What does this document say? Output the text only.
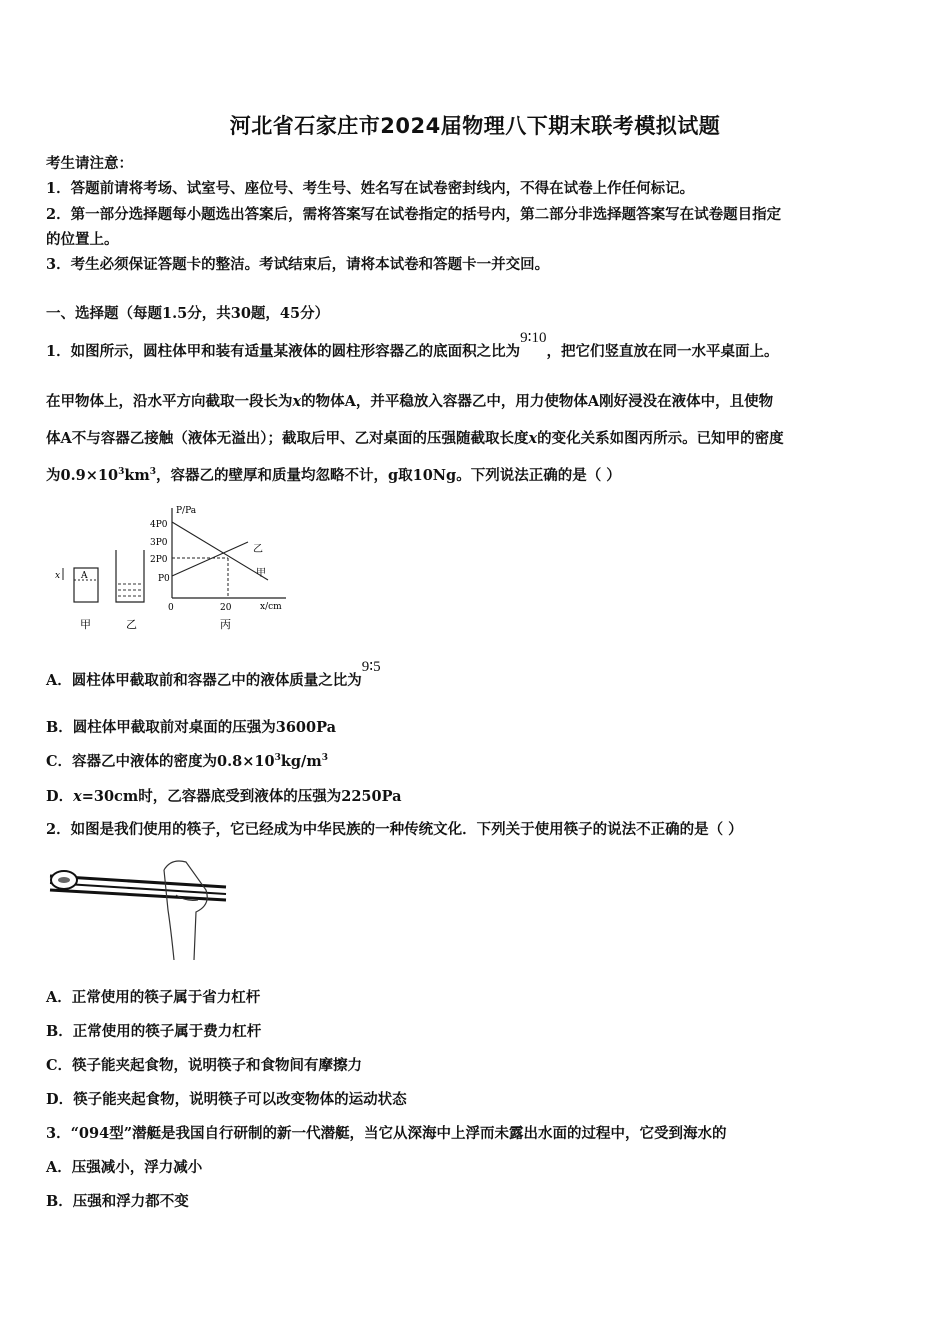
河北省石家庄市2024届物理八下期末联考模拟试题
考生请注意：
1．答题前请将考场、试室号、座位号、考生号、姓名写在试卷密封线内，不得在试卷上作任何标记。
2．第一部分选择题每小题选出答案后，需将答案写在试卷指定的括号内，第二部分非选择题答案写在试卷题目指定
的位置上。
3．考生必须保证答题卡的整洁。考试结束后，请将本试卷和答题卡一并交回。
一、选择题（每题1.5分，共30题，45分）
1．如图所示，圆柱体甲和装有适量某液体的圆柱形容器乙的底面积之比为9∶10，把它们竖直放在同一水平桌面上。
在甲物体上，沿水平方向截取一段长为x的物体A，并平稳放入容器乙中，用力使物体A刚好浸没在液体中，且使物
体A不与容器乙接触（液体无溢出）；截取后甲、乙对桌面的压强随截取长度x的变化关系如图丙所示。已知甲的密度
为$0.9\times 10^3km^3$，容器乙的壁厚和质量均忽略不计，g取10Ng。下列说法正确的是（ ）
A
x
P/Pa
4P0
3P0
2P0
P0
0	20	x/cm
乙
甲
甲	乙	丙
A．圆柱体甲截取前和容器乙中的液体质量之比为9∶5
B．圆柱体甲截取前对桌面的压强为3600Pa
C．容器乙中液体的密度为$0.8\times 10^3kg/m^3$
D．x=30cm时，乙容器底受到液体的压强为2250Pa
2．如图是我们使用的筷子，它已经成为中华民族的一种传统文化．下列关于使用筷子的说法不正确的是（ ）
A．正常使用的筷子属于省力杠杆
B．正常使用的筷子属于费力杠杆
C．筷子能夹起食物，说明筷子和食物间有摩擦力
D．筷子能夹起食物，说明筷子可以改变物体的运动状态
3．“094型”潜艇是我国自行研制的新一代潜艇，当它从深海中上浮而未露出水面的过程中，它受到海水的
A．压强减小，浮力减小
B．压强和浮力都不变
